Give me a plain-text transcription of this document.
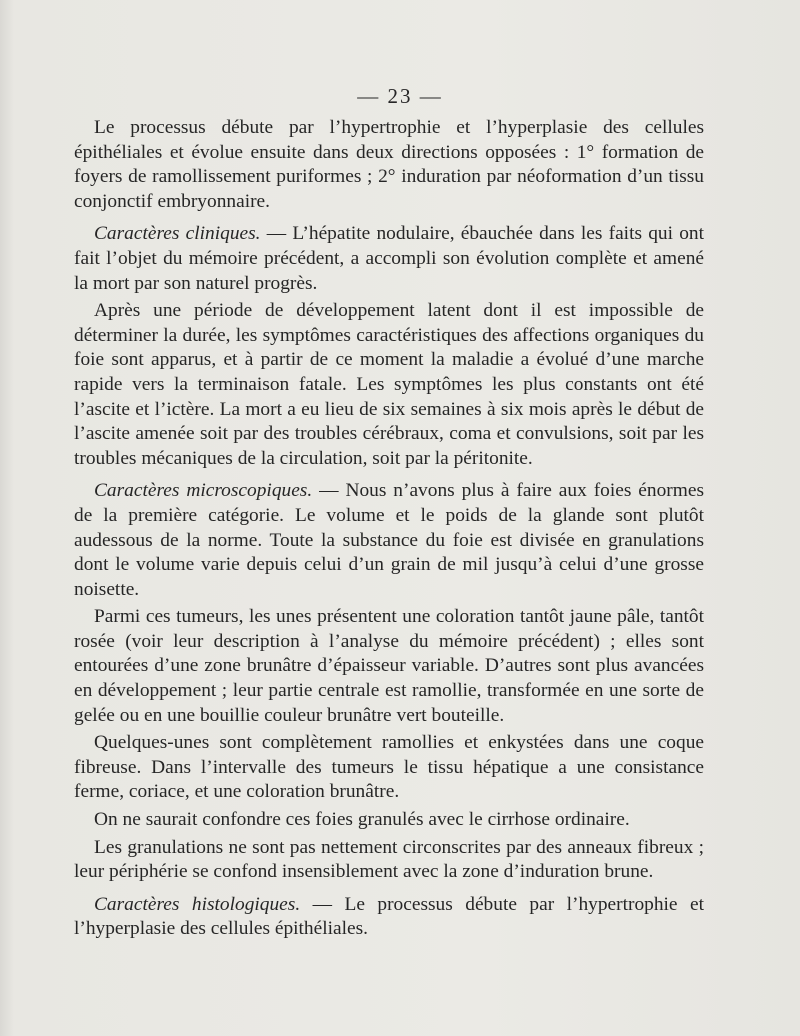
— 23 —

Le processus débute par l’hypertrophie et l’hyperplasie des cellules épithéliales et évolue ensuite dans deux directions opposées : 1° formation de foyers de ramollissement puriformes ; 2° induration par néoformation d’un tissu conjonctif embryonnaire.

Caractères cliniques. — L’hépatite nodulaire, ébauchée dans les faits qui ont fait l’objet du mémoire précédent, a accompli son évolution complète et amené la mort par son naturel progrès.

Après une période de développement latent dont il est impossible de déterminer la durée, les symptômes caractéristiques des affections organiques du foie sont apparus, et à partir de ce moment la maladie a évolué d’une marche rapide vers la terminaison fatale. Les symptômes les plus constants ont été l’ascite et l’ictère. La mort a eu lieu de six semaines à six mois après le début de l’ascite amenée soit par des troubles cérébraux, coma et convulsions, soit par les troubles mécaniques de la circulation, soit par la péritonite.

Caractères microscopiques. — Nous n’avons plus à faire aux foies énormes de la première catégorie. Le volume et le poids de la glande sont plutôt audessous de la norme. Toute la substance du foie est divisée en granulations dont le volume varie depuis celui d’un grain de mil jusqu’à celui d’une grosse noisette.

Parmi ces tumeurs, les unes présentent une coloration tantôt jaune pâle, tantôt rosée (voir leur description à l’analyse du mémoire précédent) ; elles sont entourées d’une zone brunâtre d’épaisseur variable. D’autres sont plus avancées en développement ; leur partie centrale est ramollie, transformée en une sorte de gelée ou en une bouillie couleur brunâtre vert bouteille.

Quelques-unes sont complètement ramollies et enkystées dans une coque fibreuse. Dans l’intervalle des tumeurs le tissu hépatique a une consistance ferme, coriace, et une coloration brunâtre.

On ne saurait confondre ces foies granulés avec le cirrhose ordinaire.

Les granulations ne sont pas nettement circonscrites par des anneaux fibreux ; leur périphérie se confond insensiblement avec la zone d’induration brune.

Caractères histologiques. — Le processus débute par l’hypertrophie et l’hyperplasie des cellules épithéliales.
